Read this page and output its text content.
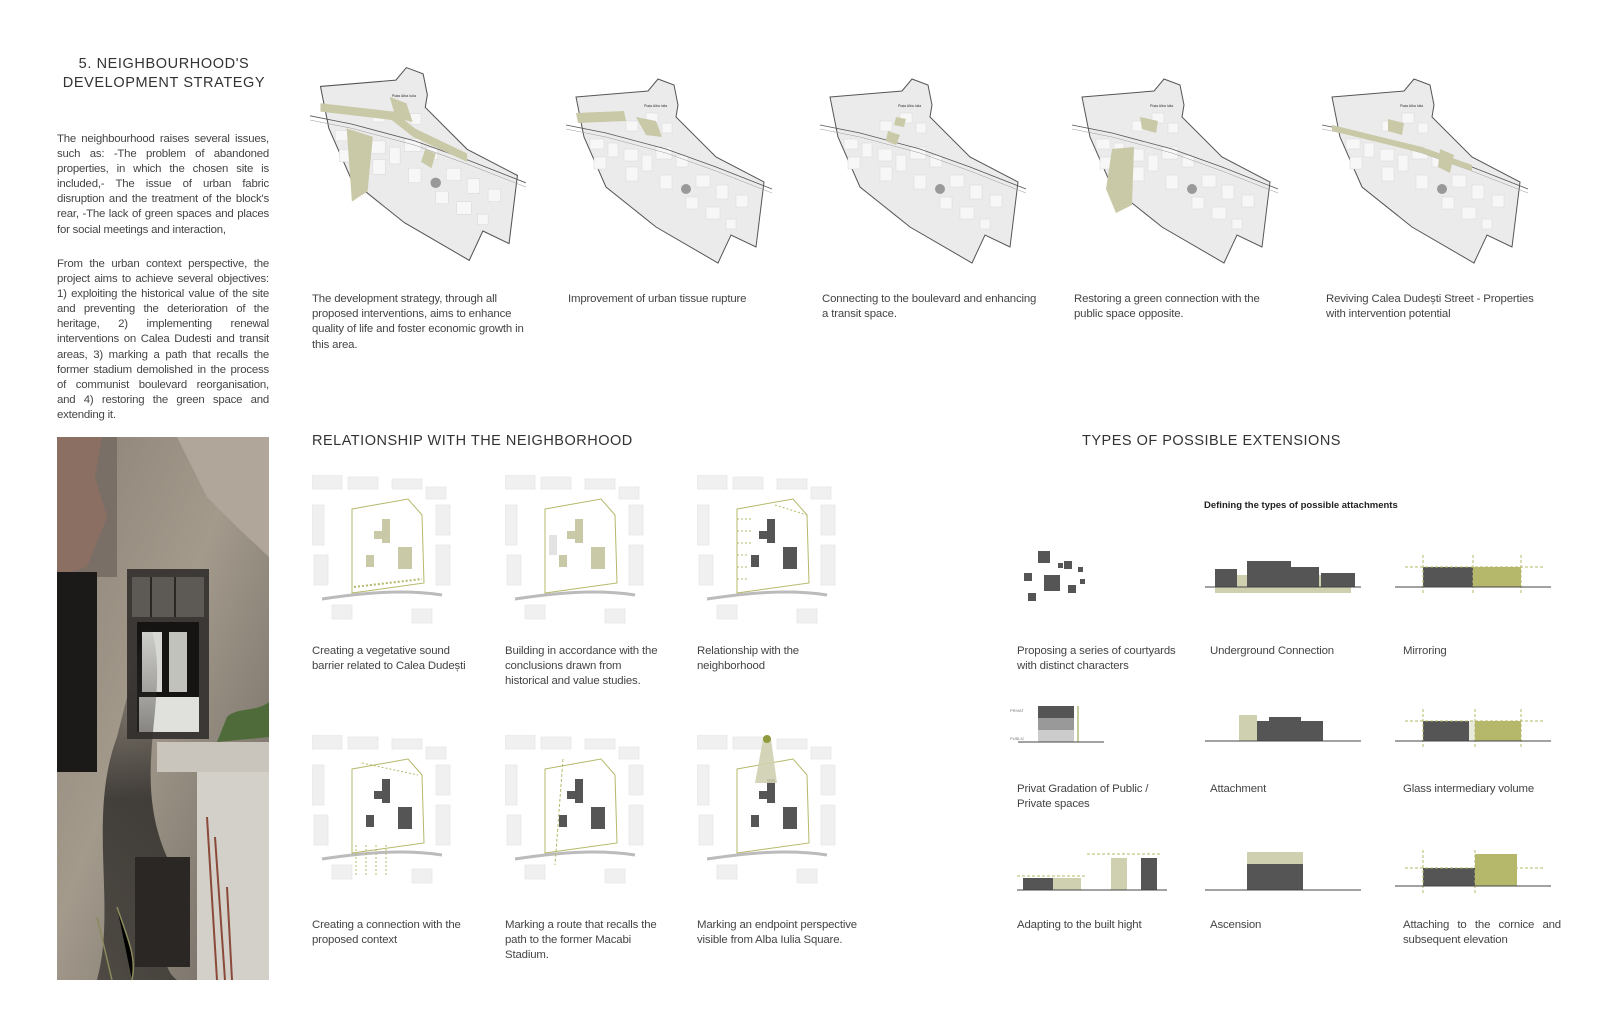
5. NEIGHBOURHOOD'S
DEVELOPMENT STRATEGY
The neighbourhood raises several issues, such as: -The problem of abandoned properties, in which the chosen site is included,- The issue of urban fabric disruption and the treatment of the block's rear, -The lack of green spaces and places for social meetings and interaction,
From the urban context perspective, the project aims to achieve several objectives: 1) exploiting the historical value of the site and preventing the deterioration of the heritage, 2) implementing renewal interventions on Calea Dudesti and transit areas, 3) marking a path that recalls the former stadium demolished in the process of communist boulevard reorganisation, and 4) restoring the green space and extending it.
The development strategy, through all proposed interventions, aims to enhance quality of life and foster economic growth in this area.
Improvement of urban tissue rupture	Connecting to the boulevard and enhancing a transit space.
Restoring a green connection with the public space opposite.
Reviving Calea Dudești Street - Properties with intervention potential
RELATIONSHIP WITH THE NEIGHBORHOOD
Creating a vegetative sound barrier related to Calea Dudești
Building in accordance with the conclusions drawn from historical and value studies.
Relationship with the neighborhood
Creating a connection with the proposed context
Marking a route that recalls the path to the former Macabi Stadium.
Marking an endpoint perspective visible from Alba Iulia Square.
TYPES OF POSSIBLE EXTENSIONS
Defining the types of possible attachments
PRIVAT
PUBLIC
Proposing a series of courtyards with distinct characters
Underground Connection	Mirroring
Privat Gradation of Public / Private spaces
Attachment	Glass intermediary volume
Adapting to the built hight	Ascension	Attaching to the cornice and subsequent elevation
